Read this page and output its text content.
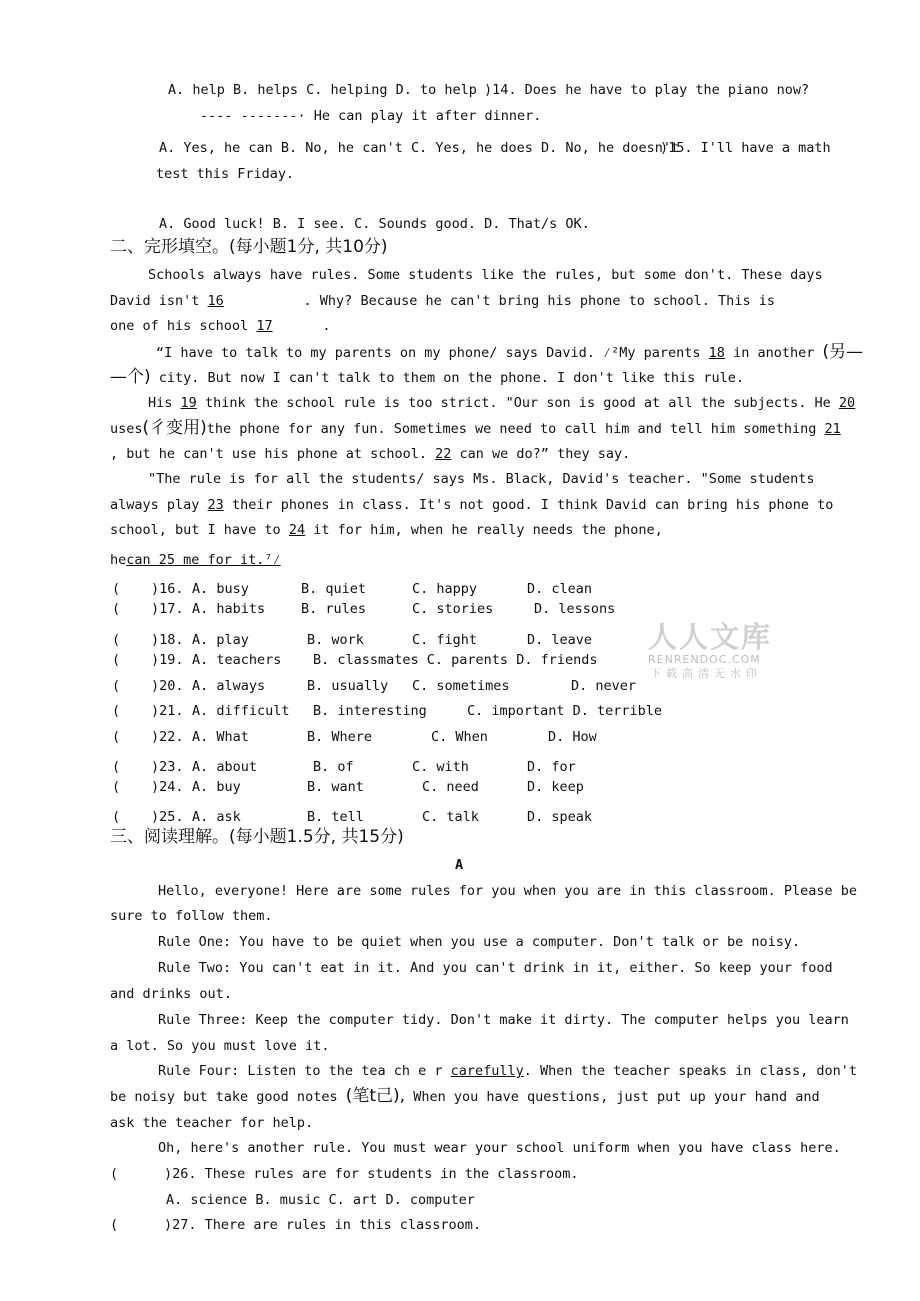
A. help B. helps C. helping D. to help )14. Does he have to play the piano now?
---- -------· He can play it after dinner.
A. Yes, he can B. No, he can't C. Yes, he does D. No, he doesn't
)15. I'll have a math
test this Friday.
A. Good luck! B. I see. C. Sounds good. D. That/s OK.
二、完形填空。(每小题1分, 共10分)
Schools always have rules. Some students like the rules, but some don't. These days
David isn't 16	. Why? Because he can't bring his phone to school. This is
one of his school 17	.
“I have to talk to my parents on my phone/ says David. ⁄²My parents 18 in another (另—
—个) city. But now I can't talk to them on the phone. I don't like this rule.
His 19 think the school rule is too strict. "Our son is good at all the subjects. He 20
uses(彳变用)the phone for any fun. Sometimes we need to call him and tell him something 21
, but he can't use his phone at school. 22 can we do?” they say.
"The rule is for all the students/ says Ms. Black, David's teacher. "Some students
always play 23 their phones in class. It's not good. I think David can bring his phone to
school, but I have to 24 it for him, when he really needs the phone,
hecan 25 me for it.⁷⁄
( )16. A. busy	B. quiet	C. happy	D. clean
( )17. A. habits	B. rules	C. stories	D. lessons
( )18. A. play	B. work	C. fight	D. leave
( )19. A. teachers B. classmates C. parents D. friends
( )20. A. always	B. usually C. sometimes	D. never
( )21. A. difficult B. interesting	C. important D. terrible
( )22. A. What	B. Where	C. When	D. How
( )23. A. about	B. of	C. with	D. for
( )24. A. buy	B. want	C. need	D. keep
( )25. A. ask	B. tell	C. talk	D. speak
人人文库
RENRENDOC.COM
下载高清无水印
三、阅读理解。(每小题1.5分, 共15分)
A
Hello, everyone! Here are some rules for you when you are in this classroom. Please be
sure to follow them.
Rule One: You have to be quiet when you use a computer. Don't talk or be noisy.
Rule Two: You can't eat in it. And you can't drink in it, either. So keep your food
and drinks out.
Rule Three: Keep the computer tidy. Don't make it dirty. The computer helps you learn
a lot. So you must love it.
Rule Four: Listen to the tea ch e r carefully. When the teacher speaks in class, don't
be noisy but take good notes (笔t己), When you have questions, just put up your hand and
ask the teacher for help.
Oh, here's another rule. You must wear your school uniform when you have class here.
(	)26. These rules are for students in the classroom.
A. science B. music C. art D. computer
(	)27. There are rules in this classroom.
